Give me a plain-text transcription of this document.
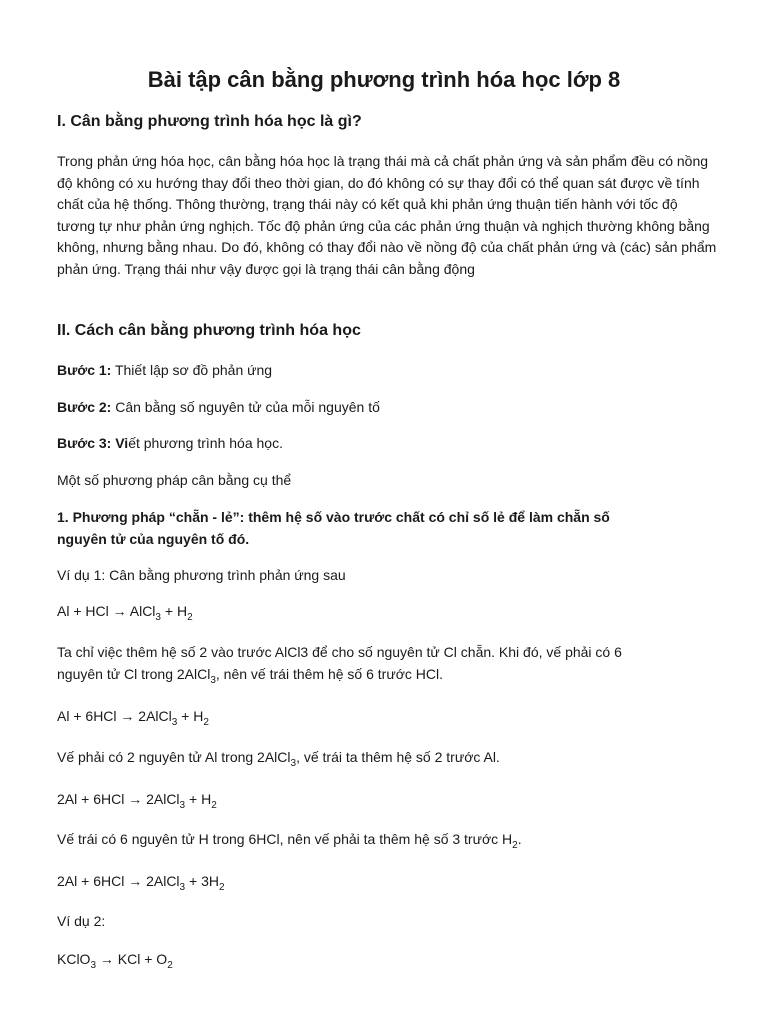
Bài tập cân bằng phương trình hóa học lớp 8
I. Cân bằng phương trình hóa học là gì?

Trong phản ứng hóa học, cân bằng hóa học là trạng thái mà cả chất phản ứng và sản phẩm đều có nồng độ không có xu hướng thay đổi theo thời gian, do đó không có sự thay đổi có thể quan sát được về tính chất của hệ thống. Thông thường, trạng thái này có kết quả khi phản ứng thuận tiến hành với tốc độ tương tự như phản ứng nghịch. Tốc độ phản ứng của các phản ứng thuận và nghịch thường không bằng không, nhưng bằng nhau. Do đó, không có thay đổi nào về nồng độ của chất phản ứng và (các) sản phẩm phản ứng. Trạng thái như vậy được gọi là trạng thái cân bằng động

II. Cách cân bằng phương trình hóa học

Bước 1: Thiết lập sơ đồ phản ứng

Bước 2: Cân bằng số nguyên tử của mỗi nguyên tố

Bước 3: Viết phương trình hóa học.

Một số phương pháp cân bằng cụ thể

1. Phương pháp “chẵn - lẻ”: thêm hệ số vào trước chất có chỉ số lẻ để làm chẵn số

nguyên tử của nguyên tố đó.

Ví dụ 1: Cân bằng phương trình phản ứng sau

Al + HCl → AlCl$_3$ + $H_2$

Ta chỉ việc thêm hệ số 2 vào trước AlCl3 để cho số nguyên tử Cl chẵn. Khi đó, vế phải có 6

nguyên tử Cl trong 2AlCl$_3$, nên vế trái thêm hệ số 6 trước HCl.

Al + 6HCl → 2AlCl$_3$ + $H_2$

Vế phải có 2 nguyên tử Al trong 2AlCl$_3$, vế trái ta thêm hệ số 2 trước Al.

2Al + 6HCl → 2AlCl$_3$ + $H_2$

Vế trái có 6 nguyên tử H trong 6HCl, nên vế phải ta thêm hệ số 3 trước $H_2$.

2Al + 6HCl → 2AlCl$_3$ + $3H_2$

Ví dụ 2:

KClO$_3$ → KCl + $O_2$
